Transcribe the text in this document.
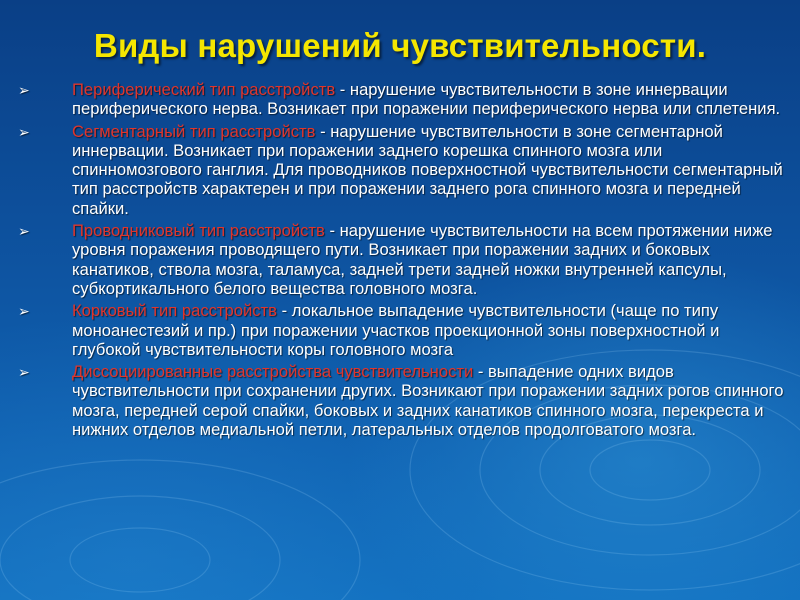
Виды нарушений чувствительности.
➢	Периферический тип расстройств - нарушение чувствительности в зоне иннервации периферического нерва. Возникает при поражении периферического нерва или сплетения.
➢	Сегментарный тип расстройств - нарушение чувствительности в зоне сегментарной иннервации. Возникает при поражении заднего корешка спинного мозга или спинномозгового ганглия. Для проводников поверхностной чувствительности сегментарный тип расстройств характерен и при поражении заднего рога спинного мозга и передней спайки.
➢	Проводниковый тип расстройств - нарушение чувствительности на всем протяжении ниже уровня поражения проводящего пути. Возникает при поражении задних и боковых канатиков, ствола мозга, таламуса, задней трети задней ножки внутренней капсулы, субкортикального белого вещества головного мозга.
➢	Корковый тип расстройств - локальное выпадение чувствительности (чаще по типу моноанестезий и пр.) при поражении участков проекционной зоны поверхностной и глубокой чувствительности коры головного мозга
➢	Диссоциированные расстройства чувствительности - выпадение одних видов чувствительности при сохранении других. Возникают при поражении задних рогов спинного мозга, передней серой спайки, боковых и задних канатиков спинного мозга, перекреста и нижних отделов медиальной петли, латеральных отделов продолговатого мозга.
